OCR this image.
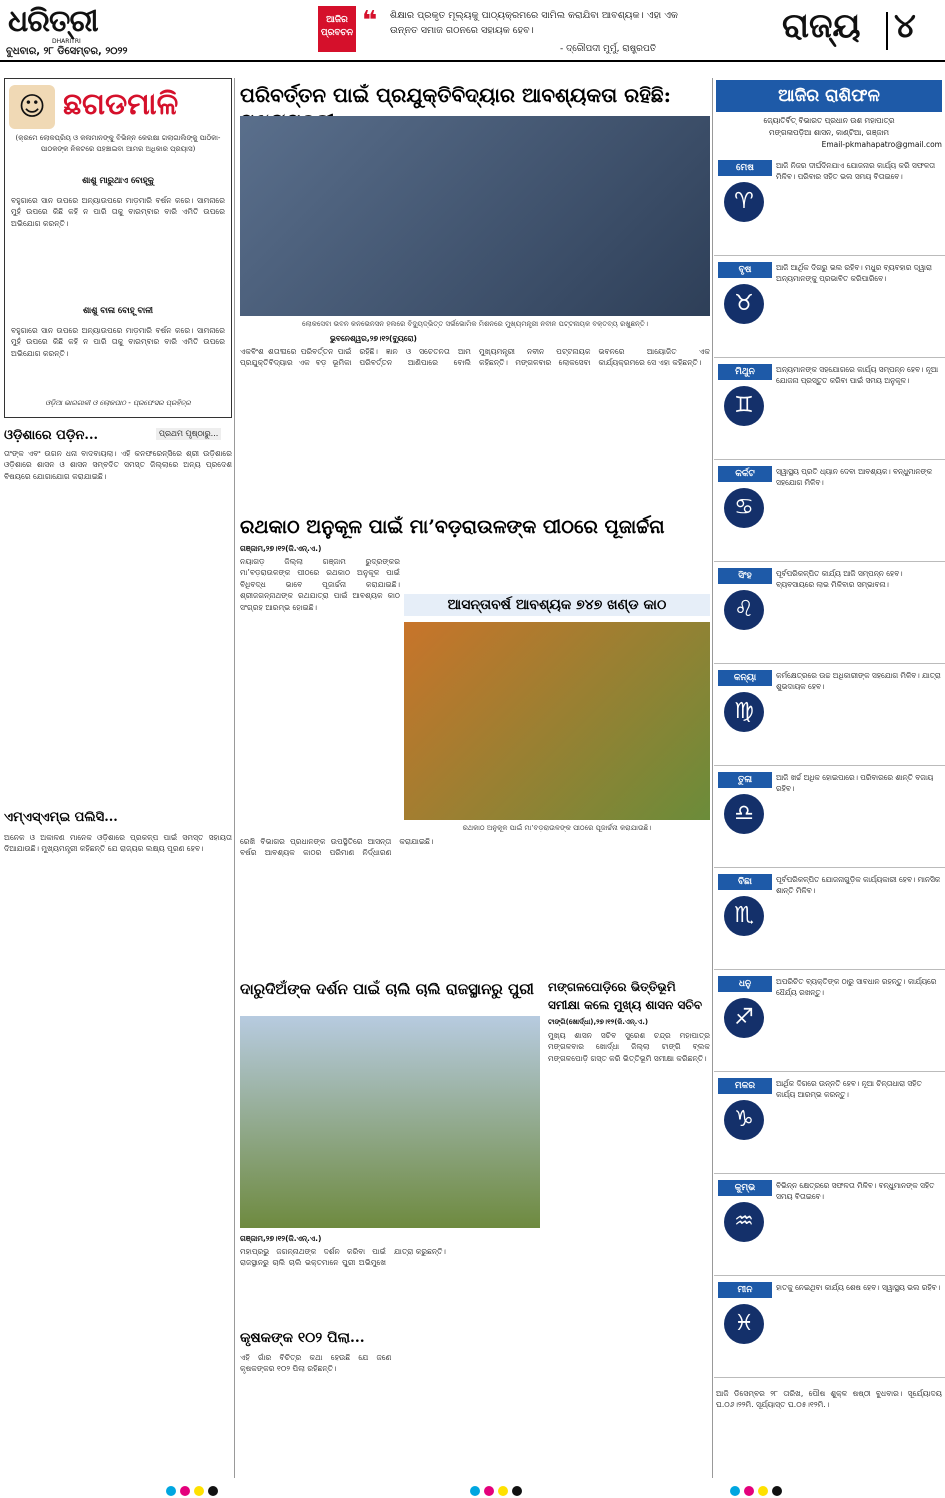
ଧରିତ୍ରୀ
DHARITRI
ବୁଧବାର, ୨୮ ଡିସେମ୍ବର, ୨୦୨୨
ଆଜିର ପ୍ରବଚନ ❝ ଶିକ୍ଷାର ପ୍ରକୃତ ମୂଲ୍ୟକୁ ପାଠ୍ୟକ୍ରମରେ ସାମିଲ କରାଯିବା ଆବଶ୍ୟକ। ଏହା ଏକ ଉନ୍ନତ ସମାଜ ଗଠନରେ ସହାୟକ ହେବ।
- ଦ୍ରୌପଦୀ ମୁର୍ମୁ, ରାଷ୍ଟ୍ରପତି
ରାଜ୍ୟ ୪
☺ ଛଗଡମାଳି
(କ୍ରମେ ଲୋକପ୍ରିୟ ଓ କଳାମାନଙ୍କୁ ବିଭିନ୍ନ କେରକ୍ଷା ଗଲାଗାଲିଙ୍କୁ ପାଠିକା-ପାଠକଙ୍କ ନିକଟରେ ପହଞ୍ଚାଇବା ଆମର ଅଧିକାର ପ୍ରୟାସ)
ଶାଶୁ ମାରୁଥାଏ ବୋହୂକୁ
ବହୁଗାରେ ସାନ ଉପରେ ଅନ୍ୟାଉପରେ ମାଡ଼ମାରି ବର୍ଷନ କରେ। ସାମନାରେ ମୁହଁ ଉପରେ କିଛି କହି ନ ପାରି ତାକୁ ବାରମ୍ବାର ବାରି ଏମିତି ଉପରେ ଅଭିଯୋଗ କରନ୍ତି।
ଶାଶୁ ବାଳା ବୋହୂ ବାଳୀ
ବହୁଗାରେ ସାନ ଉପରେ ଅନ୍ୟାଉପରେ ମାଡ଼ମାରି ବର୍ଷନ କରେ। ସାମନାରେ ମୁହଁ ଉପରେ କିଛି କହି ନ ପାରି ତାକୁ ବାରମ୍ବାର ବାରି ଏମିତି ଉପରେ ଅଭିଯୋଗ କରନ୍ତି।
ଓଡ଼ିଆ ଭାଗଗାଳୀ ଓ ଲୋକପାଠ - ପ୍ରଫେସର ପ୍ରହିତ୍ର
ଓଡ଼ିଶାରେ ପଡ଼ିନ...	ପ୍ରଥମ ପୃଷ୍ଠାରୁ...
ତାଂଙ୍କ ଏବଂ ଉଗନ ଧନା ବାଦବାୟଲା। ଏହି କନଫରେନ୍ସିରେ ଶ୍ରୀ ଉଡ଼ିଶାରେ ଓଡ଼ିଶାରେ ଶାସନ ଓ ଶାସନ ସମ୍ବଦିତ ସମସ୍ତ ଜିଲ୍ଲାରେ ଅନ୍ୟ ପ୍ରଦେଶ ବିଷୟରେ ଯୋଗାଯୋଗ କରାଯାଇଛି।
ଏମ୍‌ଏସ୍‌ଏମ୍‌ଇ ପଲିସି...
ଅନେକ ଓ ଅକାଳଣ ମାନେକ ଓଡ଼ିଶାରେ ପ୍ରକଳ୍ପ ପାଇଁ ସମସ୍ତ ସହାୟତା ଦିଆଯାଉଛି। ମୁଖ୍ୟମନ୍ତ୍ରୀ କହିଛନ୍ତି ଯେ ରାଜ୍ୟର ଲକ୍ଷ୍ୟ ପୂରଣ ହେବ।
ପରିବର୍ତ୍ତନ ପାଇଁ ପ୍ରଯୁକ୍ତିବିଦ୍ୟାର ଆବଶ୍ୟକତା ରହିଛି:
ଲୋକସେବା ଭବନ କନଭେନସନ ହଲରେ ବିଦ୍ୟୁଦ୍ଭିତ୍ତ ସର୍ଭଭୋମିକ ମିଶନରେ ମୁଖ୍ୟମନ୍ତ୍ରୀ ନବୀନ ପଟ୍ଟନାୟକ ବକ୍ତବ୍ୟ ରଖୁଛନ୍ତି।
ଭୁବନେଶ୍ୱର,୨୭।୧୨(ବ୍ୟୁରୋ)
ଏକବିଂଶ ଶତାବ୍ଦୀରେ ପରିବର୍ତ୍ତନ ପାଇଁ ପ୍ରଯୁକ୍ତିବିଦ୍ୟାର ଏକ ବଡ଼ ଭୂମିକା ରହିଛି। ଜ୍ଞାନ ଓ ସଚେତନତା ଆମ ପରିବର୍ତ୍ତନ ଆଣିପାରେ ବୋଲି ମୁଖ୍ୟମନ୍ତ୍ରୀ ନବୀନ ପଟ୍ଟନାୟକ କହିଛନ୍ତି। ମଙ୍ଗଳବାର ଲୋକସେବା ଭବନରେ ଆୟୋଜିତ ଏକ କାର୍ଯ୍ୟକ୍ରମରେ ସେ ଏହା କହିଛନ୍ତି।
ରଥକାଠ ଅନୁକୂଳ ପାଇଁ ମା’ବଡ଼ରାଉଳଙ୍କ ପୀଠରେ ପୂଜାର୍ଚ୍ଚନା
ଗଞ୍ଜାମ,୨୭।୧୨(ଜି.ଏନ୍.ଏ.)
ନୟାଗଡ଼ ଜିଲ୍ଲା ଗଞ୍ଜାମ ରୁଦ୍ରଙ୍କର ମା’ବଡ଼ରାଉଳଙ୍କ ପୀଠରେ ରଥକାଠ ଅନୁକୂଳ ପାଇଁ ବିଧିବଦ୍ଧ ଭାବେ ପୂଜାର୍ଚ୍ଚନା କରାଯାଇଛି। ଶ୍ରୀଜଗନ୍ନାଥଙ୍କ ରଥଯାତ୍ରା ପାଇଁ ଆବଶ୍ୟକ କାଠ ସଂଗ୍ରହ ଆରମ୍ଭ ହୋଇଛି।	ଆସନ୍ତାବର୍ଷ ଆବଶ୍ୟକ ୭୪୭ ଖଣ୍ଡ କାଠ
ରଥକାଠ ଅନୁକୂଳ ପାଇଁ ମା’ବଡ଼ରାଉଳଙ୍କ ପୀଠରେ ପୂଜାର୍ଚ୍ଚନା କରାଯାଉଛି।
ରେଖି ବିଭାଗର ପ୍ରଧାନଙ୍କ ଉପସ୍ଥିତିରେ ଆସନ୍ତା ବର୍ଷର ଆବଶ୍ୟକ କାଠର ପରିମାଣ ନିର୍ଦ୍ଧାରଣ କରାଯାଇଛି।
ଦାରୁଦିଅଁଙ୍କ ଦର୍ଶନ ପାଇଁ ଚାଲି ଚାଲି ରାଜସ୍ଥାନରୁ ପୁରୀ
ଗଞ୍ଜାମ,୨୭।୧୨(ଜି.ଏନ୍.ଏ.)
ମହାପ୍ରଭୁ ଜଗନ୍ନାଥଙ୍କ ଦର୍ଶନ କରିବା ପାଇଁ ରାଜସ୍ଥାନରୁ ଚାଲି ଚାଲି ଭକ୍ତମାନେ ପୁରୀ ଅଭିମୁଖେ ଯାତ୍ରା କରୁଛନ୍ତି।
ମଙ୍ଗଳପୋଡ଼ିରେ ଭିତ୍ତିଭୂମି ସମୀକ୍ଷା କଲେ ମୁଖ୍ୟ ଶାସନ ସଚିବ
ଟାଙ୍ଗି(ଖୋର୍ଦ୍ଧା),୨୭।୧୨(ଜି.ଏନ୍.ଏ.)
ମୁଖ୍ୟ ଶାସନ ସଚିବ ସୁରେଶ ଚନ୍ଦ୍ର ମହାପାତ୍ର ମଙ୍ଗଳବାର ଖୋର୍ଦ୍ଧା ଜିଲ୍ଲା ଟାଙ୍ଗି ବ୍ଲକ ମଙ୍ଗଳପୋଡ଼ି ଗସ୍ତ କରି ଭିତ୍ତିଭୂମି ସମୀକ୍ଷା କରିଛନ୍ତି।
କୃଷକଙ୍କ ୧୦୨ ପିଲା...
ଏହି ଗାଁର ବିଚିତ୍ର କଥା ହେଉଛି ଯେ ଜଣେ କୃଷକଙ୍କର ୧୦୨ ପିଲା ରହିଛନ୍ତି।
ଆଜିର ରାଶିଫଳ
ଜ୍ୟୋତିର୍ବିତ୍ ବିଭାରତ ପ୍ରଧାନ ଉଶ ମହାପାତ୍ର
ମଙ୍ଗଳାପଡ଼ିଆ ଶାସନ, କାଣ୍ଟିଆ, ଗଞ୍ଜାମ
Email-pkmahapatro@gmail.com
ମେଷ
♈
ଆଜି ନିଜର ଦୀର୍ଘଦିନଯାଏ ଯୋଜନାର କାର୍ଯ୍ୟ କରି ସଫଳତା ମିଳିବ। ପରିବାର ସହିତ ଭଲ ସମୟ ବିତାଇବେ।
ବୃଷ
♉
ଆଜି ଆର୍ଥିକ ଦିଗରୁ ଭଲ ରହିବ। ମଧୁର ବ୍ୟବହାର ଦ୍ୱାରା ଅନ୍ୟମାନଙ୍କୁ ପ୍ରଭାବିତ କରିପାରିବେ।
ମିଥୁନ
♊
ଅନ୍ୟମାନଙ୍କ ସହଯୋଗରେ କାର୍ଯ୍ୟ ସମ୍ପନ୍ନ ହେବ। ନୂଆ ଯୋଜନା ପ୍ରସ୍ତୁତ କରିବା ପାଇଁ ସମୟ ଅନୁକୂଳ।
କର୍କଟ
♋
ସ୍ୱାସ୍ଥ୍ୟ ପ୍ରତି ଧ୍ୟାନ ଦେବା ଆବଶ୍ୟକ। ବନ୍ଧୁମାନଙ୍କ ସହଯୋଗ ମିଳିବ।
ସିଂହ
♌
ପୂର୍ବପରିକଳ୍ପିତ କାର୍ଯ୍ୟ ଆଜି ସମ୍ପନ୍ନ ହେବ। ବ୍ୟବସାୟରେ ଲାଭ ମିଳିବାର ସମ୍ଭାବନା।
କନ୍ୟା
♍
କର୍ମକ୍ଷେତ୍ରରେ ଉଚ୍ଚ ଅଧିକାରୀଙ୍କ ସହଯୋଗ ମିଳିବ। ଯାତ୍ରା ଶୁଭଦାୟକ ହେବ।
ତୁଳା
♎
ଆଜି ଖର୍ଚ୍ଚ ଅଧିକ ହୋଇପାରେ। ପରିବାରରେ ଶାନ୍ତି ବଜାୟ ରହିବ।
ବିଛା
♏
ପୂର୍ବପରିକଳ୍ପିତ ଯୋଜନାଗୁଡ଼ିକ କାର୍ଯ୍ୟକାରୀ ହେବ। ମାନସିକ ଶାନ୍ତି ମିଳିବ।
ଧନୁ
♐
ଅପରିଚିତ ବ୍ୟକ୍ତିଙ୍କ ଠାରୁ ସାବଧାନ ରହନ୍ତୁ। କାର୍ଯ୍ୟରେ ଧୈର୍ଯ୍ୟ ରଖନ୍ତୁ।
ମକର
♑
ଆର୍ଥିକ ଦିଗରେ ଉନ୍ନତି ହେବ। ନୂଆ ଚିନ୍ତାଧାରା ସହିତ କାର୍ଯ୍ୟ ଆରମ୍ଭ କରନ୍ତୁ।
କୁମ୍ଭ
♒
ବିଭିନ୍ନ କ୍ଷେତ୍ରରେ ସଫଳତା ମିଳିବ। ବନ୍ଧୁମାନଙ୍କ ସହିତ ସମୟ ବିତାଇବେ।
ମୀନ
♓
ହାତକୁ ନେଇଥିବା କାର୍ଯ୍ୟ ଶେଷ ହେବ। ସ୍ୱାସ୍ଥ୍ୟ ଭଲ ରହିବ।
ଆଜି ଡିସେମ୍ବର ୨୮ ତାରିଖ, ପୌଷ ଶୁକ୍ଳ ଷଷ୍ଠୀ ବୁଧବାର। ସୂର୍ଯ୍ୟୋଦୟ ଘ.୦୬।୨୨ମି. ସୂର୍ଯ୍ୟାସ୍ତ ଘ.୦୫।୧୨ମି.।
